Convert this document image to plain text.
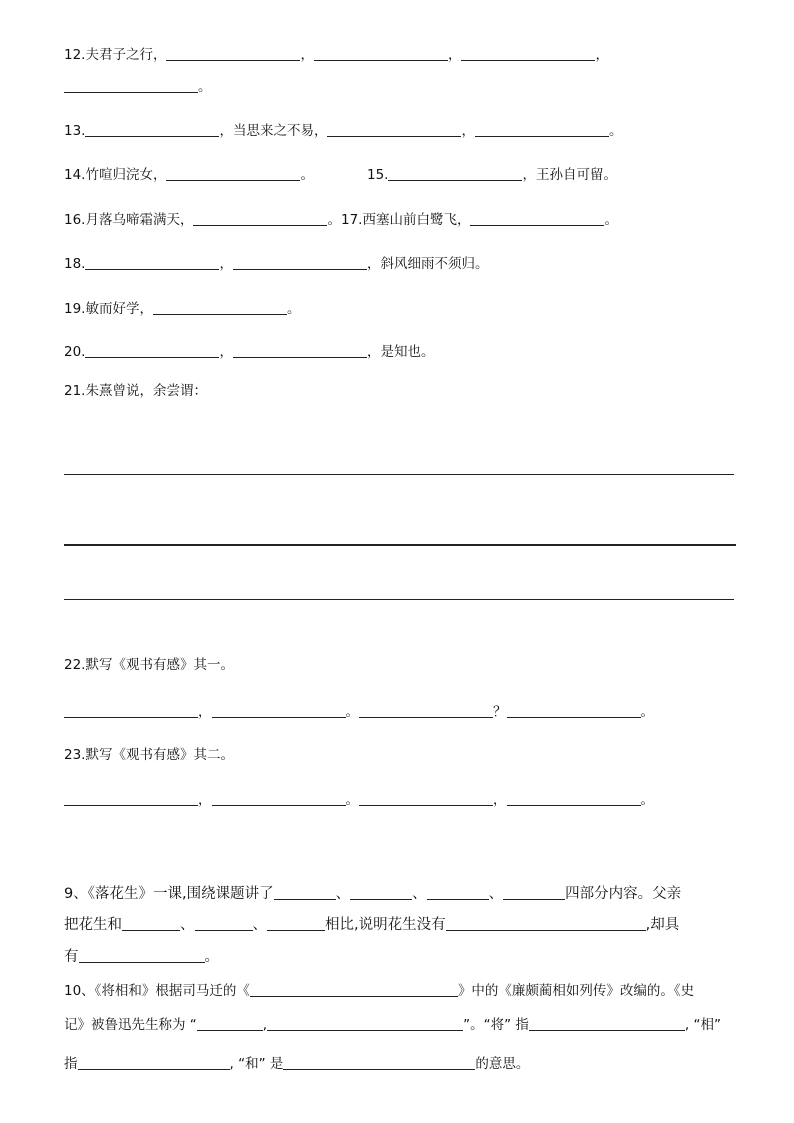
12.夫君子之行，	，	，	，
。
13.	，当思来之不易，	，	。
14.竹喧归浣女，	。	15.	，王孙自可留。
16.月落乌啼霜满天，	。17.西塞山前白鹭飞，	。
18.	，	，斜风细雨不须归。
19.敏而好学，	。
20.	，	，是知也。
21.朱熹曾说，余尝谓：
22.默写《观书有感》其一。
，	。	？	。
23.默写《观书有感》其二。
，	。	，	。
9、《落花生》一课,围绕课题讲了	、	、	、	四部分内容。父亲
把花生和	、	、	相比,说明花生没有	,却具
有	。
10、《将相和》根据司马迁的《	》中的《廉颇蔺相如列传》改编的。《史
记》被鲁迅先生称为 “	,	”。“将” 指	, “相”
指	, “和” 是	的意思。
